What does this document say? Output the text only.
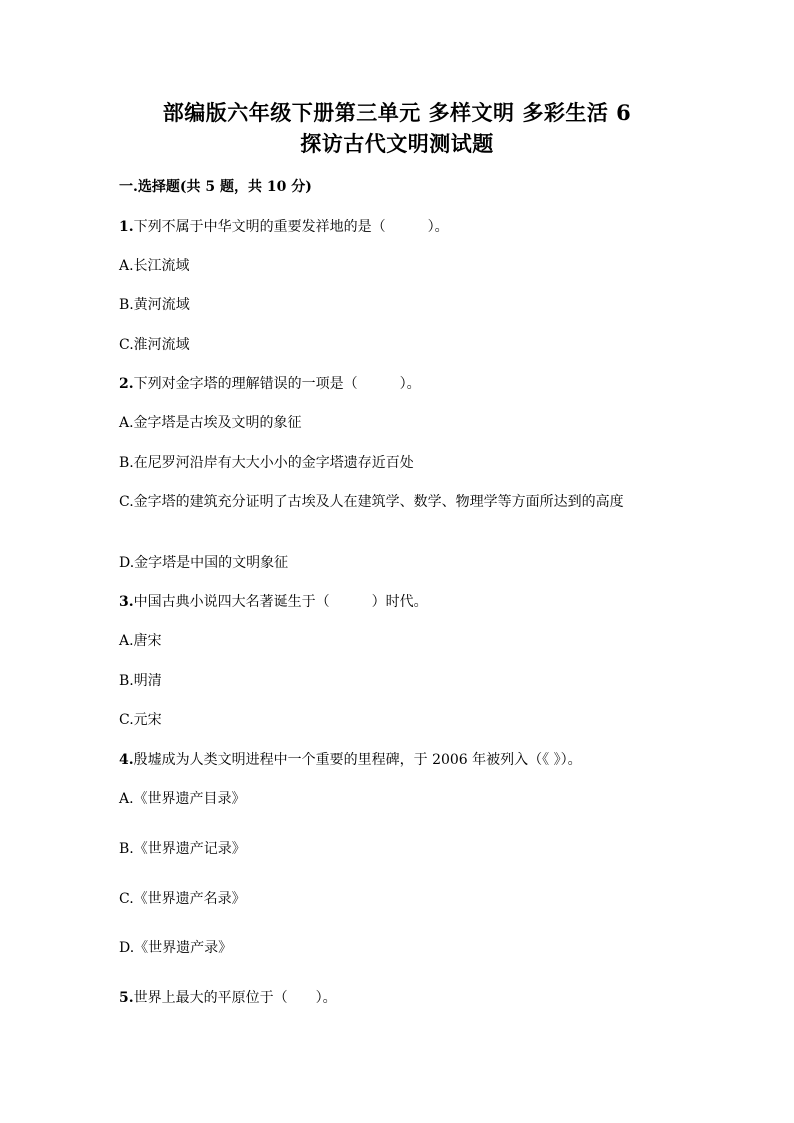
部编版六年级下册第三单元 多样文明 多彩生活 6
探访古代文明测试题
一.选择题(共 5 题，共 10 分)
1.下列不属于中华文明的重要发祥地的是（　　　）。
A.长江流域
B.黄河流域
C.淮河流域
2.下列对金字塔的理解错误的一项是（　　　）。
A.金字塔是古埃及文明的象征
B.在尼罗河沿岸有大大小小的金字塔遗存近百处
C.金字塔的建筑充分证明了古埃及人在建筑学、数学、物理学等方面所达到的高度
D.金字塔是中国的文明象征
3.中国古典小说四大名著诞生于（　　　）时代。
A.唐宋
B.明清
C.元宋
4.殷墟成为人类文明进程中一个重要的里程碑，于 2006 年被列入（《 》）。
A.《世界遗产目录》
B.《世界遗产记录》
C.《世界遗产名录》
D.《世界遗产录》
5.世界上最大的平原位于（　　）。
